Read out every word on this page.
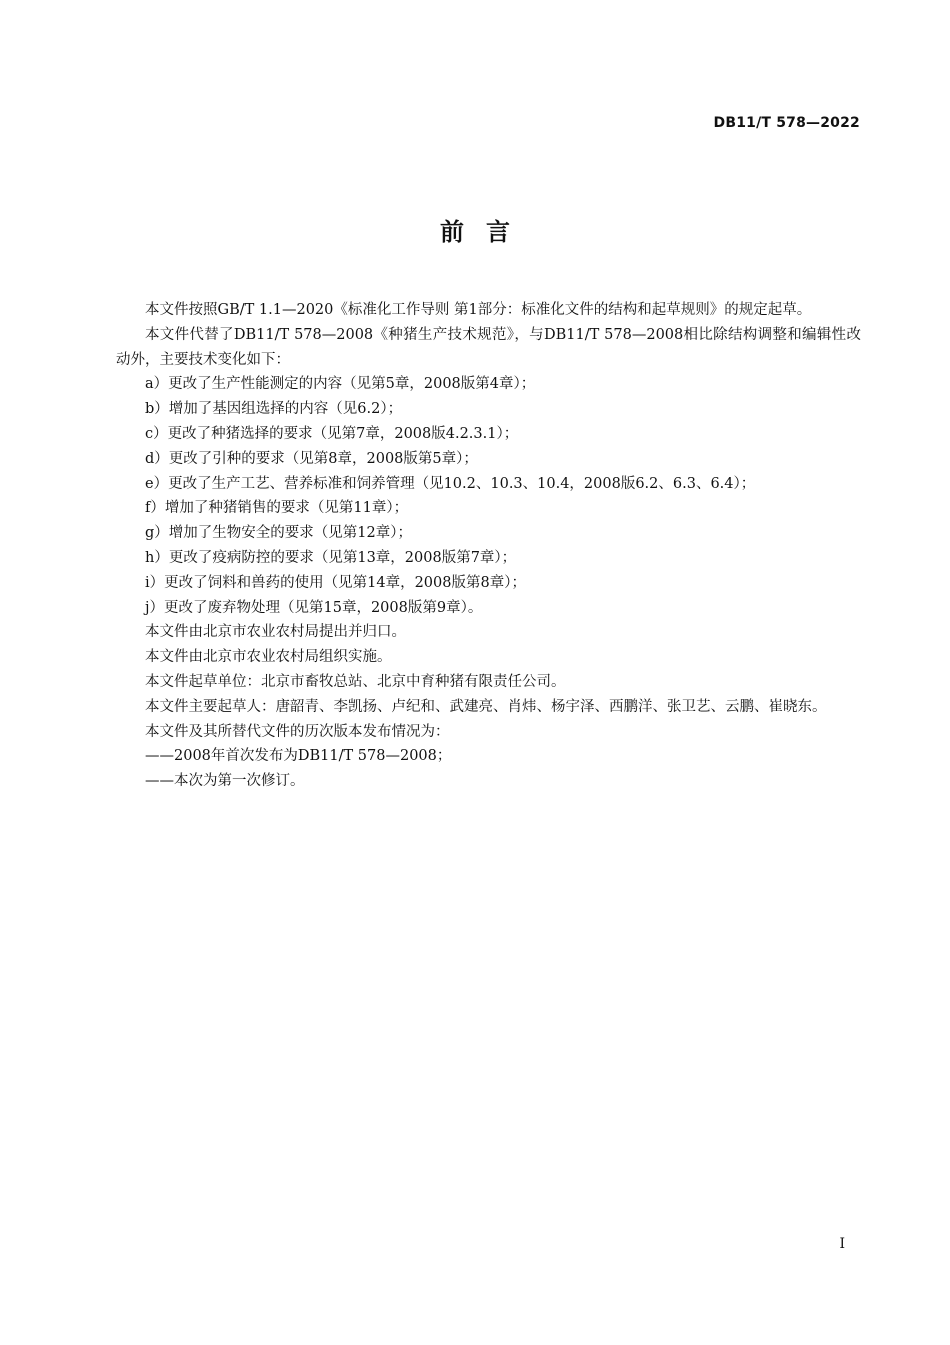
DB11/T 578—2022
前言

本文件按照GB/T 1.1—2020《标准化工作导则 第1部分：标准化文件的结构和起草规则》的规定起草。

本文件代替了DB11/T 578—2008《种猪生产技术规范》，与DB11/T 578—2008相比除结构调整和编辑性改动外，主要技术变化如下：

a）更改了生产性能测定的内容（见第5章，2008版第4章）；

b）增加了基因组选择的内容（见6.2）；

c）更改了种猪选择的要求（见第7章，2008版4.2.3.1）；

d）更改了引种的要求（见第8章，2008版第5章）；

e）更改了生产工艺、营养标准和饲养管理（见10.2、10.3、10.4，2008版6.2、6.3、6.4）；

f）增加了种猪销售的要求（见第11章）；

g）增加了生物安全的要求（见第12章）；

h）更改了疫病防控的要求（见第13章，2008版第7章）；

i）更改了饲料和兽药的使用（见第14章，2008版第8章）；

j）更改了废弃物处理（见第15章，2008版第9章）。

本文件由北京市农业农村局提出并归口。

本文件由北京市农业农村局组织实施。

本文件起草单位：北京市畜牧总站、北京中育种猪有限责任公司。

本文件主要起草人：唐韶青、李凯扬、卢纪和、武建亮、肖炜、杨宇泽、西鹏洋、张卫艺、云鹏、崔晓东。

本文件及其所替代文件的历次版本发布情况为：

——2008年首次发布为DB11/T 578—2008；

——本次为第一次修订。

I
